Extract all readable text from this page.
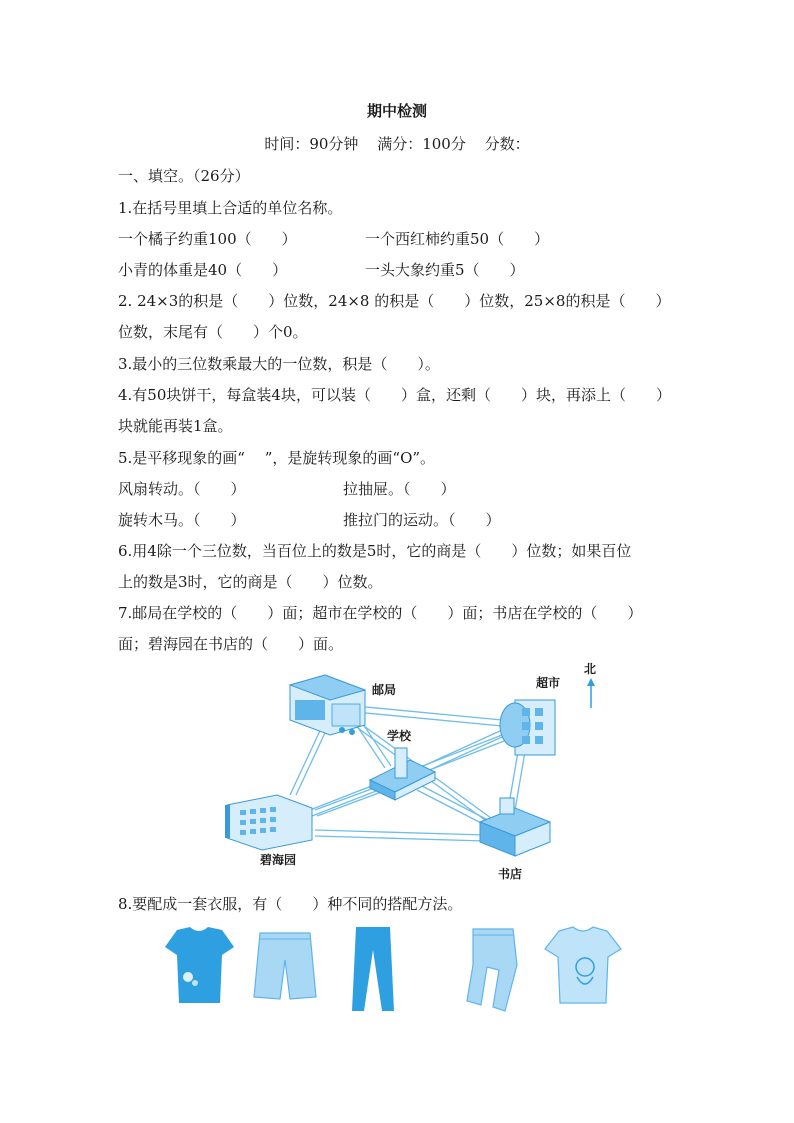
期中检测
时间：90分钟 满分：100分 分数：
一、填空。（26分）
1.在括号里填上合适的单位名称。
一个橘子约重100（　　）	一个西红柿约重50（　　）
小青的体重是40（　　）	一头大象约重5（　　）
2. 24×3的积是（　　）位数，24×8 的积是（　　）位数，25×8的积是（　　）
位数，末尾有（　　）个0。
3.最小的三位数乘最大的一位数，积是（　　）。
4.有50块饼干，每盒装4块，可以装（　　）盒，还剩（　　）块，再添上（　　）
块就能再装1盒。
5.是平移现象的画“　 ”，是旋转现象的画“O”。
风扇转动。（　　）	拉抽屉。（　　）
旋转木马。（　　）	推拉门的运动。（　　）
6.用4除一个三位数，当百位上的数是5时，它的商是（　　）位数；如果百位
上的数是3时，它的商是（　　）位数。
7.邮局在学校的（　　）面；超市在学校的（　　）面；书店在学校的（　　）
面；碧海园在书店的（　　）面。
邮局	超市
北
学校
碧海园
书店
8.要配成一套衣服，有（　　）种不同的搭配方法。
